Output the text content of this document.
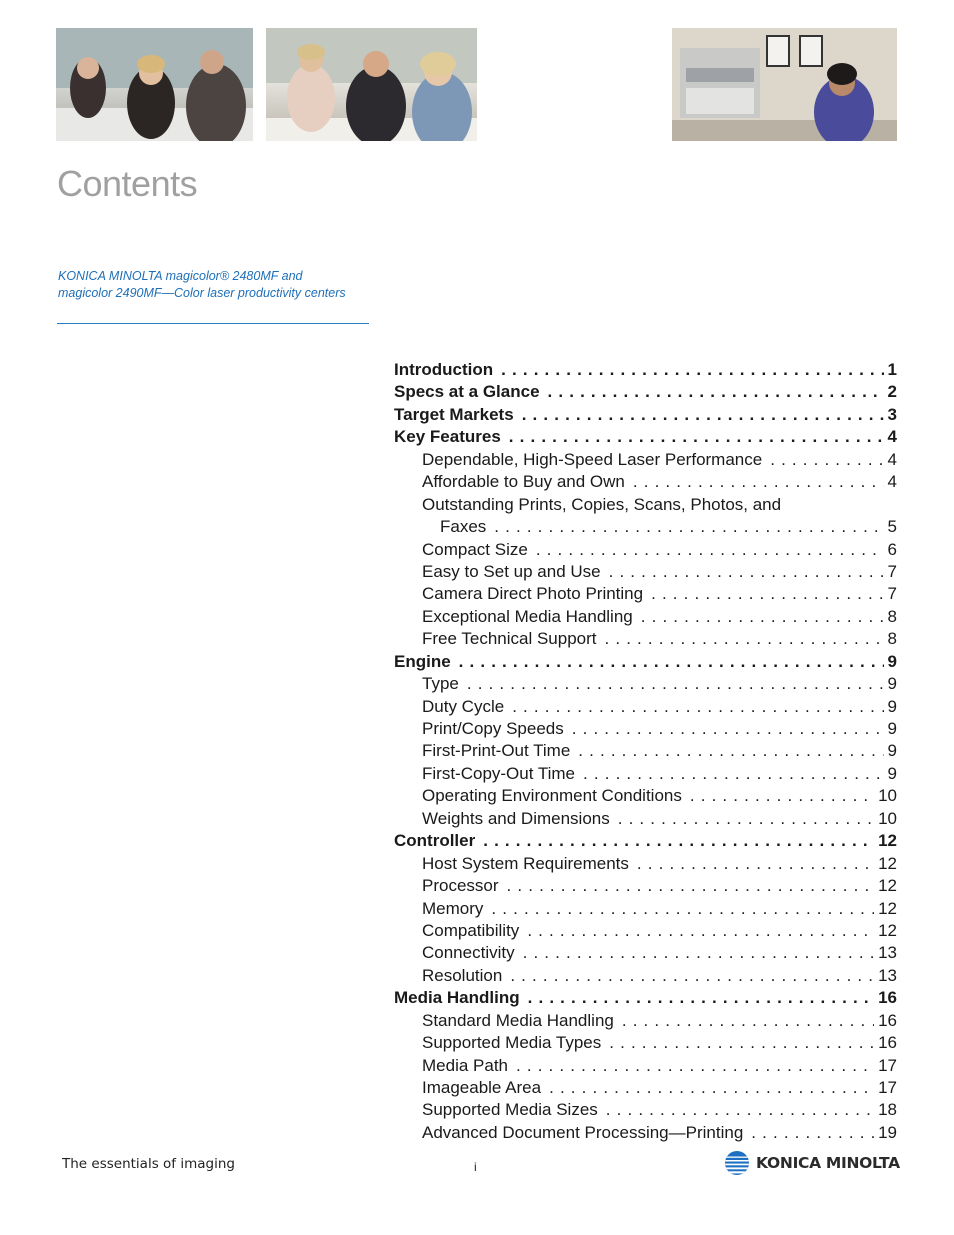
Contents
KONICA MINOLTA magicolor® 2480MF and magicolor 2490MF—Color laser productivity centers
Introduction . . .	1
Specs at a Glance . . .	2
Target Markets . . .	3
Key Features . . .	4
Dependable, High-Speed Laser Performance . . .	4
Affordable to Buy and Own . . .	4
Outstanding Prints, Copies, Scans, Photos, and
Faxes . . .	5
Compact Size . . .	6
Easy to Set up and Use . . .	7
Camera Direct Photo Printing . . .	7
Exceptional Media Handling . . .	8
Free Technical Support . . .	8
Engine . . .	9
Type . . .	9
Duty Cycle . . .	9
Print/Copy Speeds . . .	9
First-Print-Out Time . . .	9
First-Copy-Out Time . . .	9
Operating Environment Conditions . . .	10
Weights and Dimensions . . .	10
Controller . . .	12
Host System Requirements . . .	12
Processor . . .	12
Memory . . .	12
Compatibility . . .	12
Connectivity . . .	13
Resolution . . .	13
Media Handling . . .	16
Standard Media Handling . . .	16
Supported Media Types . . .	16
Media Path . . .	17
Imageable Area . . .	17
Supported Media Sizes . . .	18
Advanced Document Processing—Printing . . .	19
The essentials of imaging	i	KONICA MINOLTA
